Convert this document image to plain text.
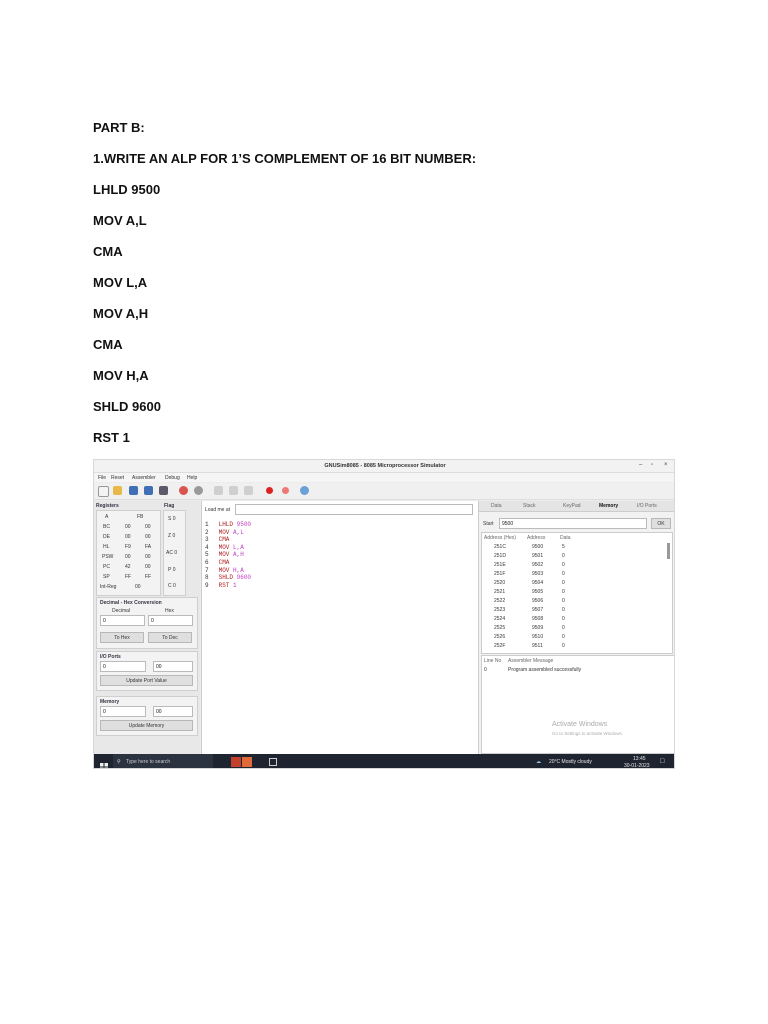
PART B:
1.WRITE AN ALP FOR 1’S COMPLEMENT OF 16 BIT NUMBER:
LHLD 9500
MOV A,L
CMA
MOV L,A
MOV A,H
CMA
MOV H,A
SHLD 9600
RST 1
GNUSim8085 - 8085 Microprocessor Simulator	– ▫ ×
File Reset Assembler Debug Help
Registers
A	FB
BC	00	00
DE	00	00
HL	F9	FA
PSW 00	00
PC	42	00
SP	FF	FF
Int-Reg	00
Flag
S 0
Z 0
AC 0
P 0
C 0
Decimal - Hex Conversion
Decimal	Hex
0	0
To Hex	To Dec
I/O Ports
0	00
Update Port Value
Memory
0	00
Update Memory
Load me at
1 LHLD 9500
2 MOV A,L
3 CMA
4 MOV L,A
5 MOV A,H
6 CMA
7 MOV H,A
8 SHLD 9600
9 RST 1
Data	Stack	KeyPad	Memory	I/O Ports
Start	9500	OK
Address (Hex) Address	Data
251C	9500	5
251D	9501	0
251E	9502	0
251F	9503	0
2520	9504	0
2521	9505	0
2522	9506	0
2523	9507	0
2524	9508	0
2525	9509	0
2526	9510	0
252F	9511	0
Line No Assembler Message
0	Program assembled successfully
Activate Windows
Go to Settings to activate Windows.
⚲ Type here to search	☁ 20°C Mostly cloudy	13:45
30-01-2023
□
